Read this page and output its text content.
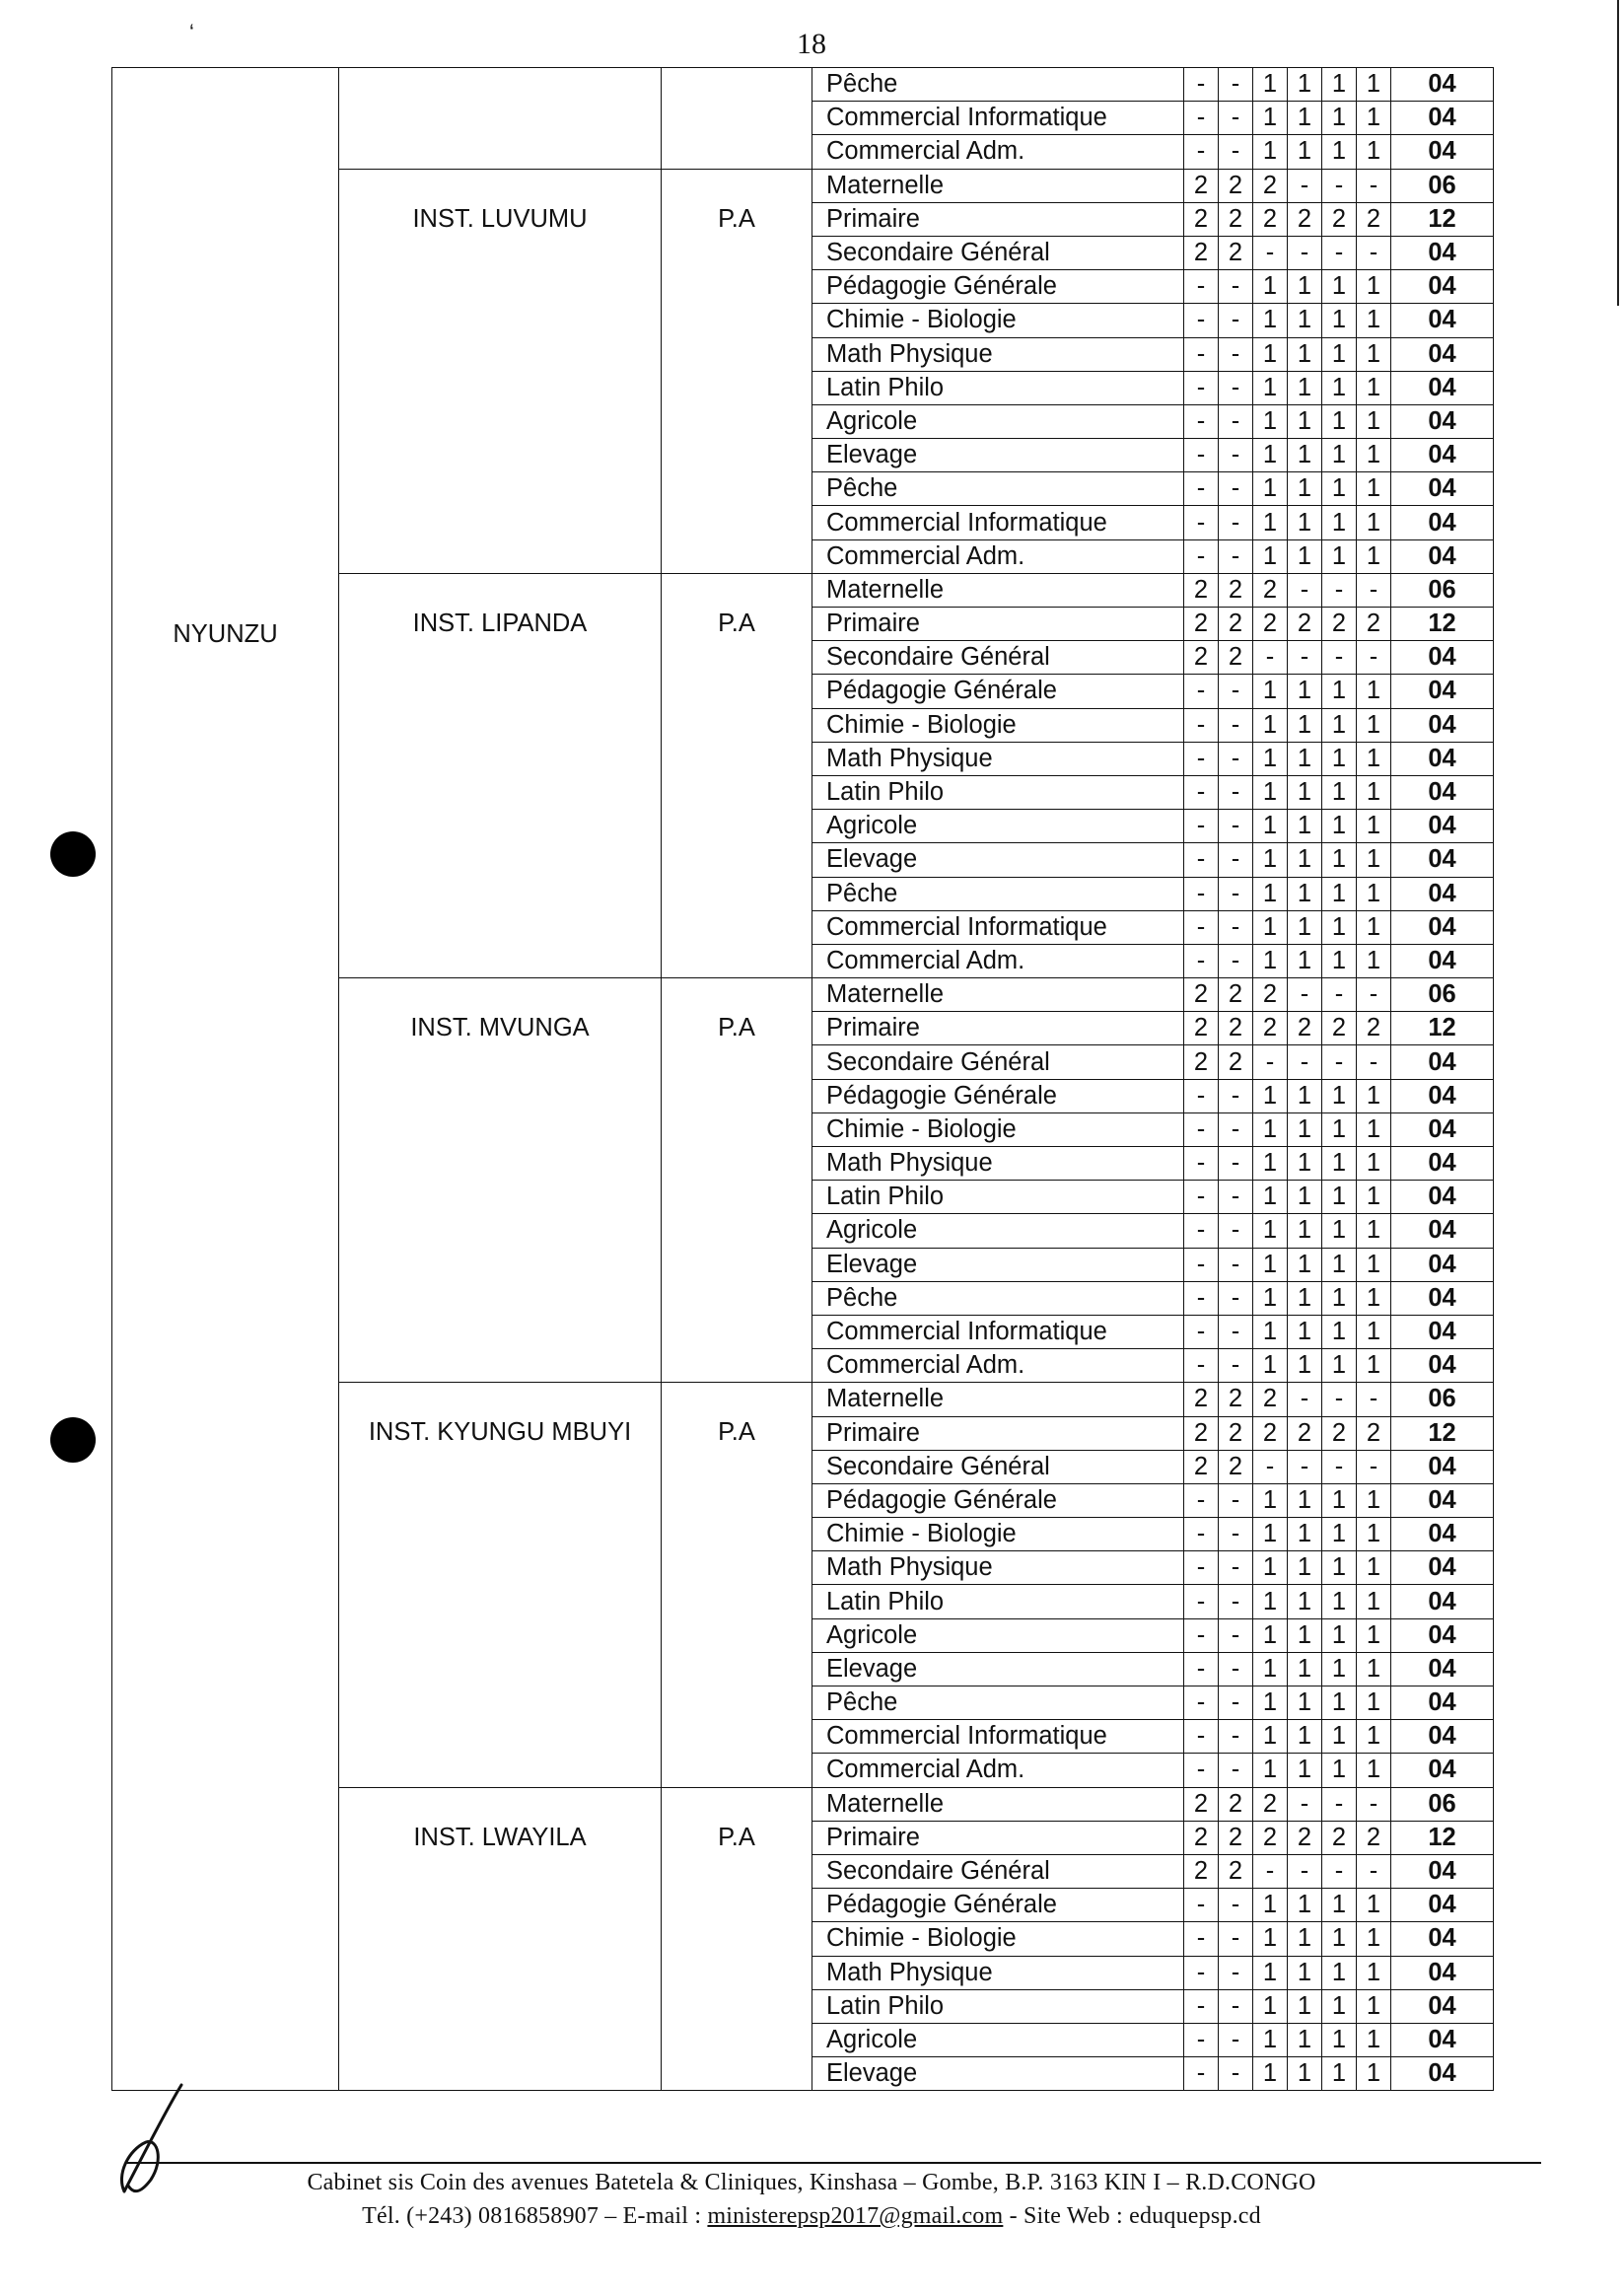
‘	18
NYUNZU			Pêche	-	-	1	1	1	1	04
			Commercial Informatique	-	-	1	1	1	1	04
			Commercial Adm.	-	-	1	1	1	1	04
	INST. LUVUMU	P.A	Maternelle	2	2	2	-	-	-	06
			Primaire	2	2	2	2	2	2	12
			Secondaire Général	2	2	-	-	-	-	04
			Pédagogie Générale	-	-	1	1	1	1	04
			Chimie - Biologie	-	-	1	1	1	1	04
			Math Physique	-	-	1	1	1	1	04
			Latin Philo	-	-	1	1	1	1	04
			Agricole	-	-	1	1	1	1	04
			Elevage	-	-	1	1	1	1	04
			Pêche	-	-	1	1	1	1	04
			Commercial Informatique	-	-	1	1	1	1	04
			Commercial Adm.	-	-	1	1	1	1	04
	INST. LIPANDA	P.A	Maternelle	2	2	2	-	-	-	06
			Primaire	2	2	2	2	2	2	12
			Secondaire Général	2	2	-	-	-	-	04
			Pédagogie Générale	-	-	1	1	1	1	04
			Chimie - Biologie	-	-	1	1	1	1	04
			Math Physique	-	-	1	1	1	1	04
			Latin Philo	-	-	1	1	1	1	04
			Agricole	-	-	1	1	1	1	04
			Elevage	-	-	1	1	1	1	04
			Pêche	-	-	1	1	1	1	04
			Commercial Informatique	-	-	1	1	1	1	04
			Commercial Adm.	-	-	1	1	1	1	04
	INST. MVUNGA	P.A	Maternelle	2	2	2	-	-	-	06
			Primaire	2	2	2	2	2	2	12
			Secondaire Général	2	2	-	-	-	-	04
			Pédagogie Générale	-	-	1	1	1	1	04
			Chimie - Biologie	-	-	1	1	1	1	04
			Math Physique	-	-	1	1	1	1	04
			Latin Philo	-	-	1	1	1	1	04
			Agricole	-	-	1	1	1	1	04
			Elevage	-	-	1	1	1	1	04
			Pêche	-	-	1	1	1	1	04
			Commercial Informatique	-	-	1	1	1	1	04
			Commercial Adm.	-	-	1	1	1	1	04
	INST. KYUNGU MBUYI	P.A	Maternelle	2	2	2	-	-	-	06
			Primaire	2	2	2	2	2	2	12
			Secondaire Général	2	2	-	-	-	-	04
			Pédagogie Générale	-	-	1	1	1	1	04
			Chimie - Biologie	-	-	1	1	1	1	04
			Math Physique	-	-	1	1	1	1	04
			Latin Philo	-	-	1	1	1	1	04
			Agricole	-	-	1	1	1	1	04
			Elevage	-	-	1	1	1	1	04
			Pêche	-	-	1	1	1	1	04
			Commercial Informatique	-	-	1	1	1	1	04
			Commercial Adm.	-	-	1	1	1	1	04
	INST. LWAYILA	P.A	Maternelle	2	2	2	-	-	-	06
			Primaire	2	2	2	2	2	2	12
			Secondaire Général	2	2	-	-	-	-	04
			Pédagogie Générale	-	-	1	1	1	1	04
			Chimie - Biologie	-	-	1	1	1	1	04
			Math Physique	-	-	1	1	1	1	04
			Latin Philo	-	-	1	1	1	1	04
			Agricole	-	-	1	1	1	1	04
			Elevage	-	-	1	1	1	1	04
Cabinet sis Coin des avenues Batetela & Cliniques, Kinshasa – Gombe, B.P. 3163 KIN I – R.D.CONGO
Tél. (+243) 0816858907 – E-mail : ministerepsp2017@gmail.com - Site Web : eduquepsp.cd
